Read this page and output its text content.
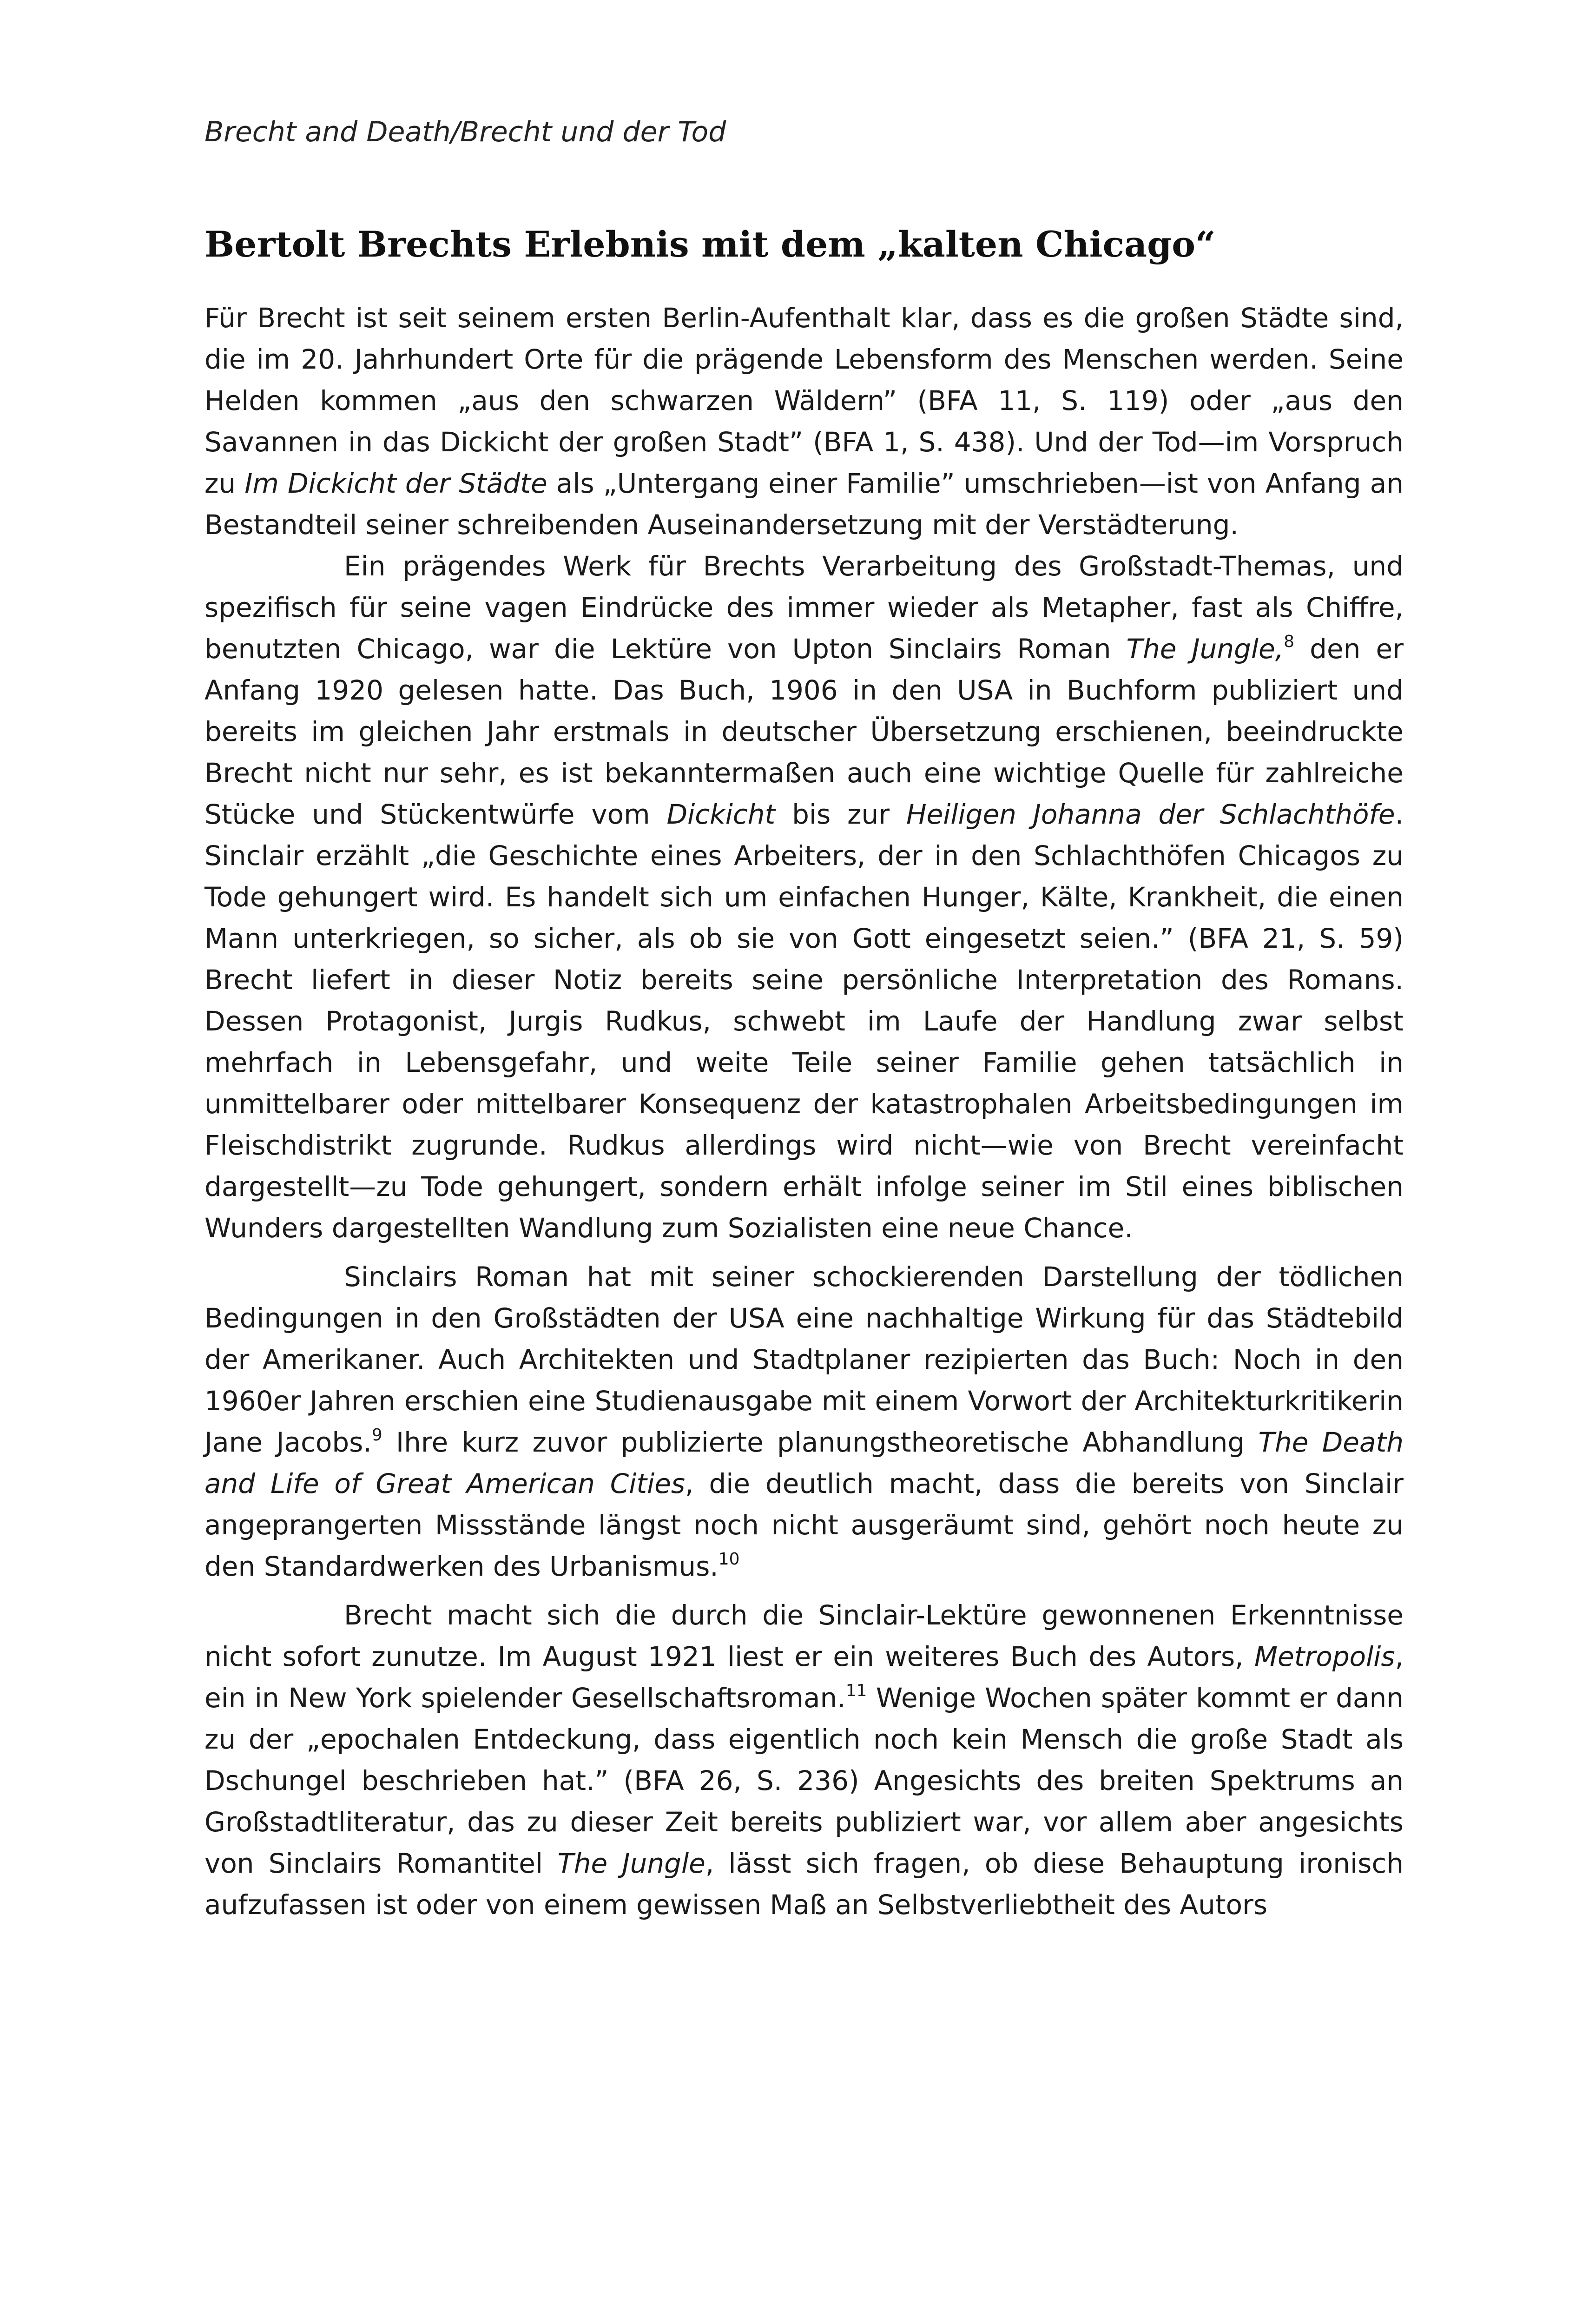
Brecht and Death/Brecht und der Tod
Bertolt Brechts Erlebnis mit dem „kalten Chicago“

Für Brecht ist seit seinem ersten Berlin-Aufenthalt klar, dass es die großen Städte sind, die im 20. Jahrhundert Orte für die prägende Lebensform des Menschen werden. Seine Helden kommen „aus den schwarzen Wäldern” (BFA 11, S. 119) oder „aus den Savannen in das Dickicht der großen Stadt” (BFA 1, S. 438). Und der Tod—im Vorspruch zu Im Dickicht der Städte als „Untergang einer Familie” umschrieben—ist von Anfang an Bestandteil seiner schreibenden Auseinandersetzung mit der Verstädterung.

Ein prägendes Werk für Brechts Verarbeitung des Großstadt-Themas, und spezifisch für seine vagen Eindrücke des immer wieder als Metapher, fast als Chiffre, benutzten Chicago, war die Lektüre von Upton Sinclairs Roman The Jungle,$^8$ den er Anfang 1920 gelesen hatte. Das Buch, 1906 in den USA in Buchform publiziert und bereits im gleichen Jahr erstmals in deutscher Übersetzung erschienen, beeindruckte Brecht nicht nur sehr, es ist bekanntermаßen auch eine wichtige Quelle für zahlreiche Stücke und Stückentwürfe vom Dickicht bis zur Heiligen Johanna der Schlachthöfe. Sinclair erzählt „die Geschichte eines Arbeiters, der in den Schlachthöfen Chicagos zu Tode gehungert wird. Es handelt sich um einfachen Hunger, Kälte, Krankheit, die einen Mann unterkriegen, so sicher, als ob sie von Gott eingesetzt seien.” (BFA 21, S. 59) Brecht liefert in dieser Notiz bereits seine persönliche Interpretation des Romans. Dessen Protagonist, Jurgis Rudkus, schwebt im Laufe der Handlung zwar selbst mehrfach in Lebensgefahr, und weite Teile seiner Familie gehen tatsächlich in unmittelbarer oder mittelbarer Konsequenz der katastrophalen Arbeitsbedingungen im Fleischdistrikt zugrunde. Rudkus allerdings wird nicht—wie von Brecht vereinfacht dargestellt—zu Tode gehungert, sondern erhält infolge seiner im Stil eines biblischen Wunders dargestellten Wandlung zum Sozialisten eine neue Chance.

Sinclairs Roman hat mit seiner schockierenden Darstellung der tödlichen Bedingungen in den Großstädten der USA eine nachhaltige Wirkung für das Städtebild der Amerikaner. Auch Architekten und Stadtplaner rezipierten das Buch: Noch in den 1960er Jahren erschien eine Studienausgabe mit einem Vorwort der Architekturkritikerin Jane Jacobs.$^9$ Ihre kurz zuvor publizierte planungstheoretische Abhandlung The Death and Life of Great American Cities, die deutlich macht, dass die bereits von Sinclair angeprangerten Missstände längst noch nicht ausgeräumt sind, gehört noch heute zu den Standardwerken des Urbanismus.$^{10}$

Brecht macht sich die durch die Sinclair-Lektüre gewonnenen Erkenntnisse nicht sofort zunutze. Im August 1921 liest er ein weiteres Buch des Autors, Metropolis, ein in New York spielender Gesellschaftsroman.$^{11}$ Wenige Wochen später kommt er dann zu der „epochalen Entdeckung, dass eigentlich noch kein Mensch die große Stadt als Dschungel beschrieben hat.” (BFA 26, S. 236) Angesichts des breiten Spektrums an Großstadtliteratur, das zu dieser Zeit bereits publiziert war, vor allem aber angesichts von Sinclairs Romantitel The Jungle, lässt sich fragen, ob diese Behauptung ironisch aufzufassen ist oder von einem gewissen Maß an Selbstverliebtheit des Autors
